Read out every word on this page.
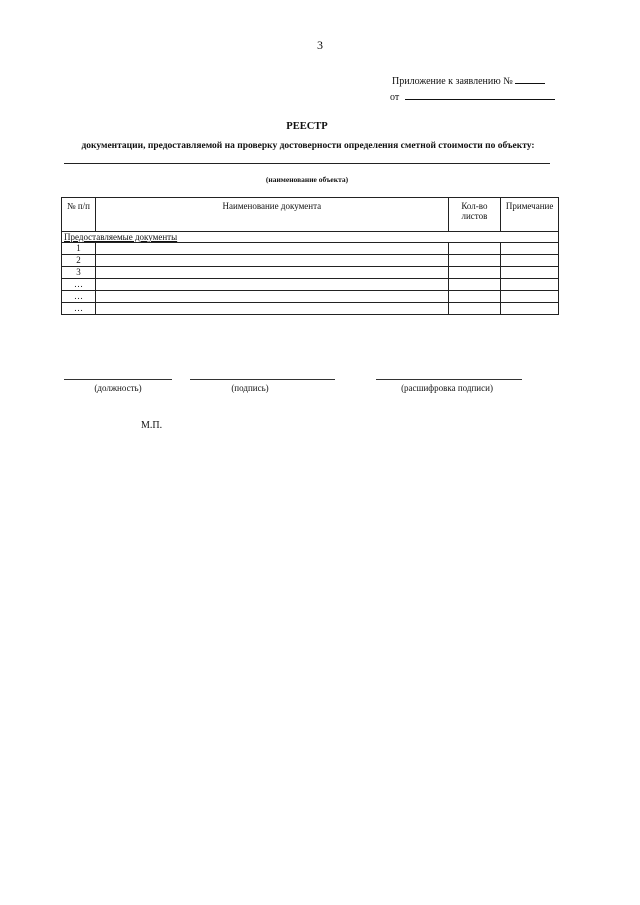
3
Приложение к заявлению №
от
РЕЕСТР
документации, предоставляемой на проверку достоверности определения сметной стоимости по объекту:
(наименование объекта)
№ п/п	Наименование документа	Кол-во листов	Примечание
Предоставляемые документы			
1			
2			
3			
…			
…			
…			
(должность)	(подпись)	(расшифровка подписи)
М.П.
